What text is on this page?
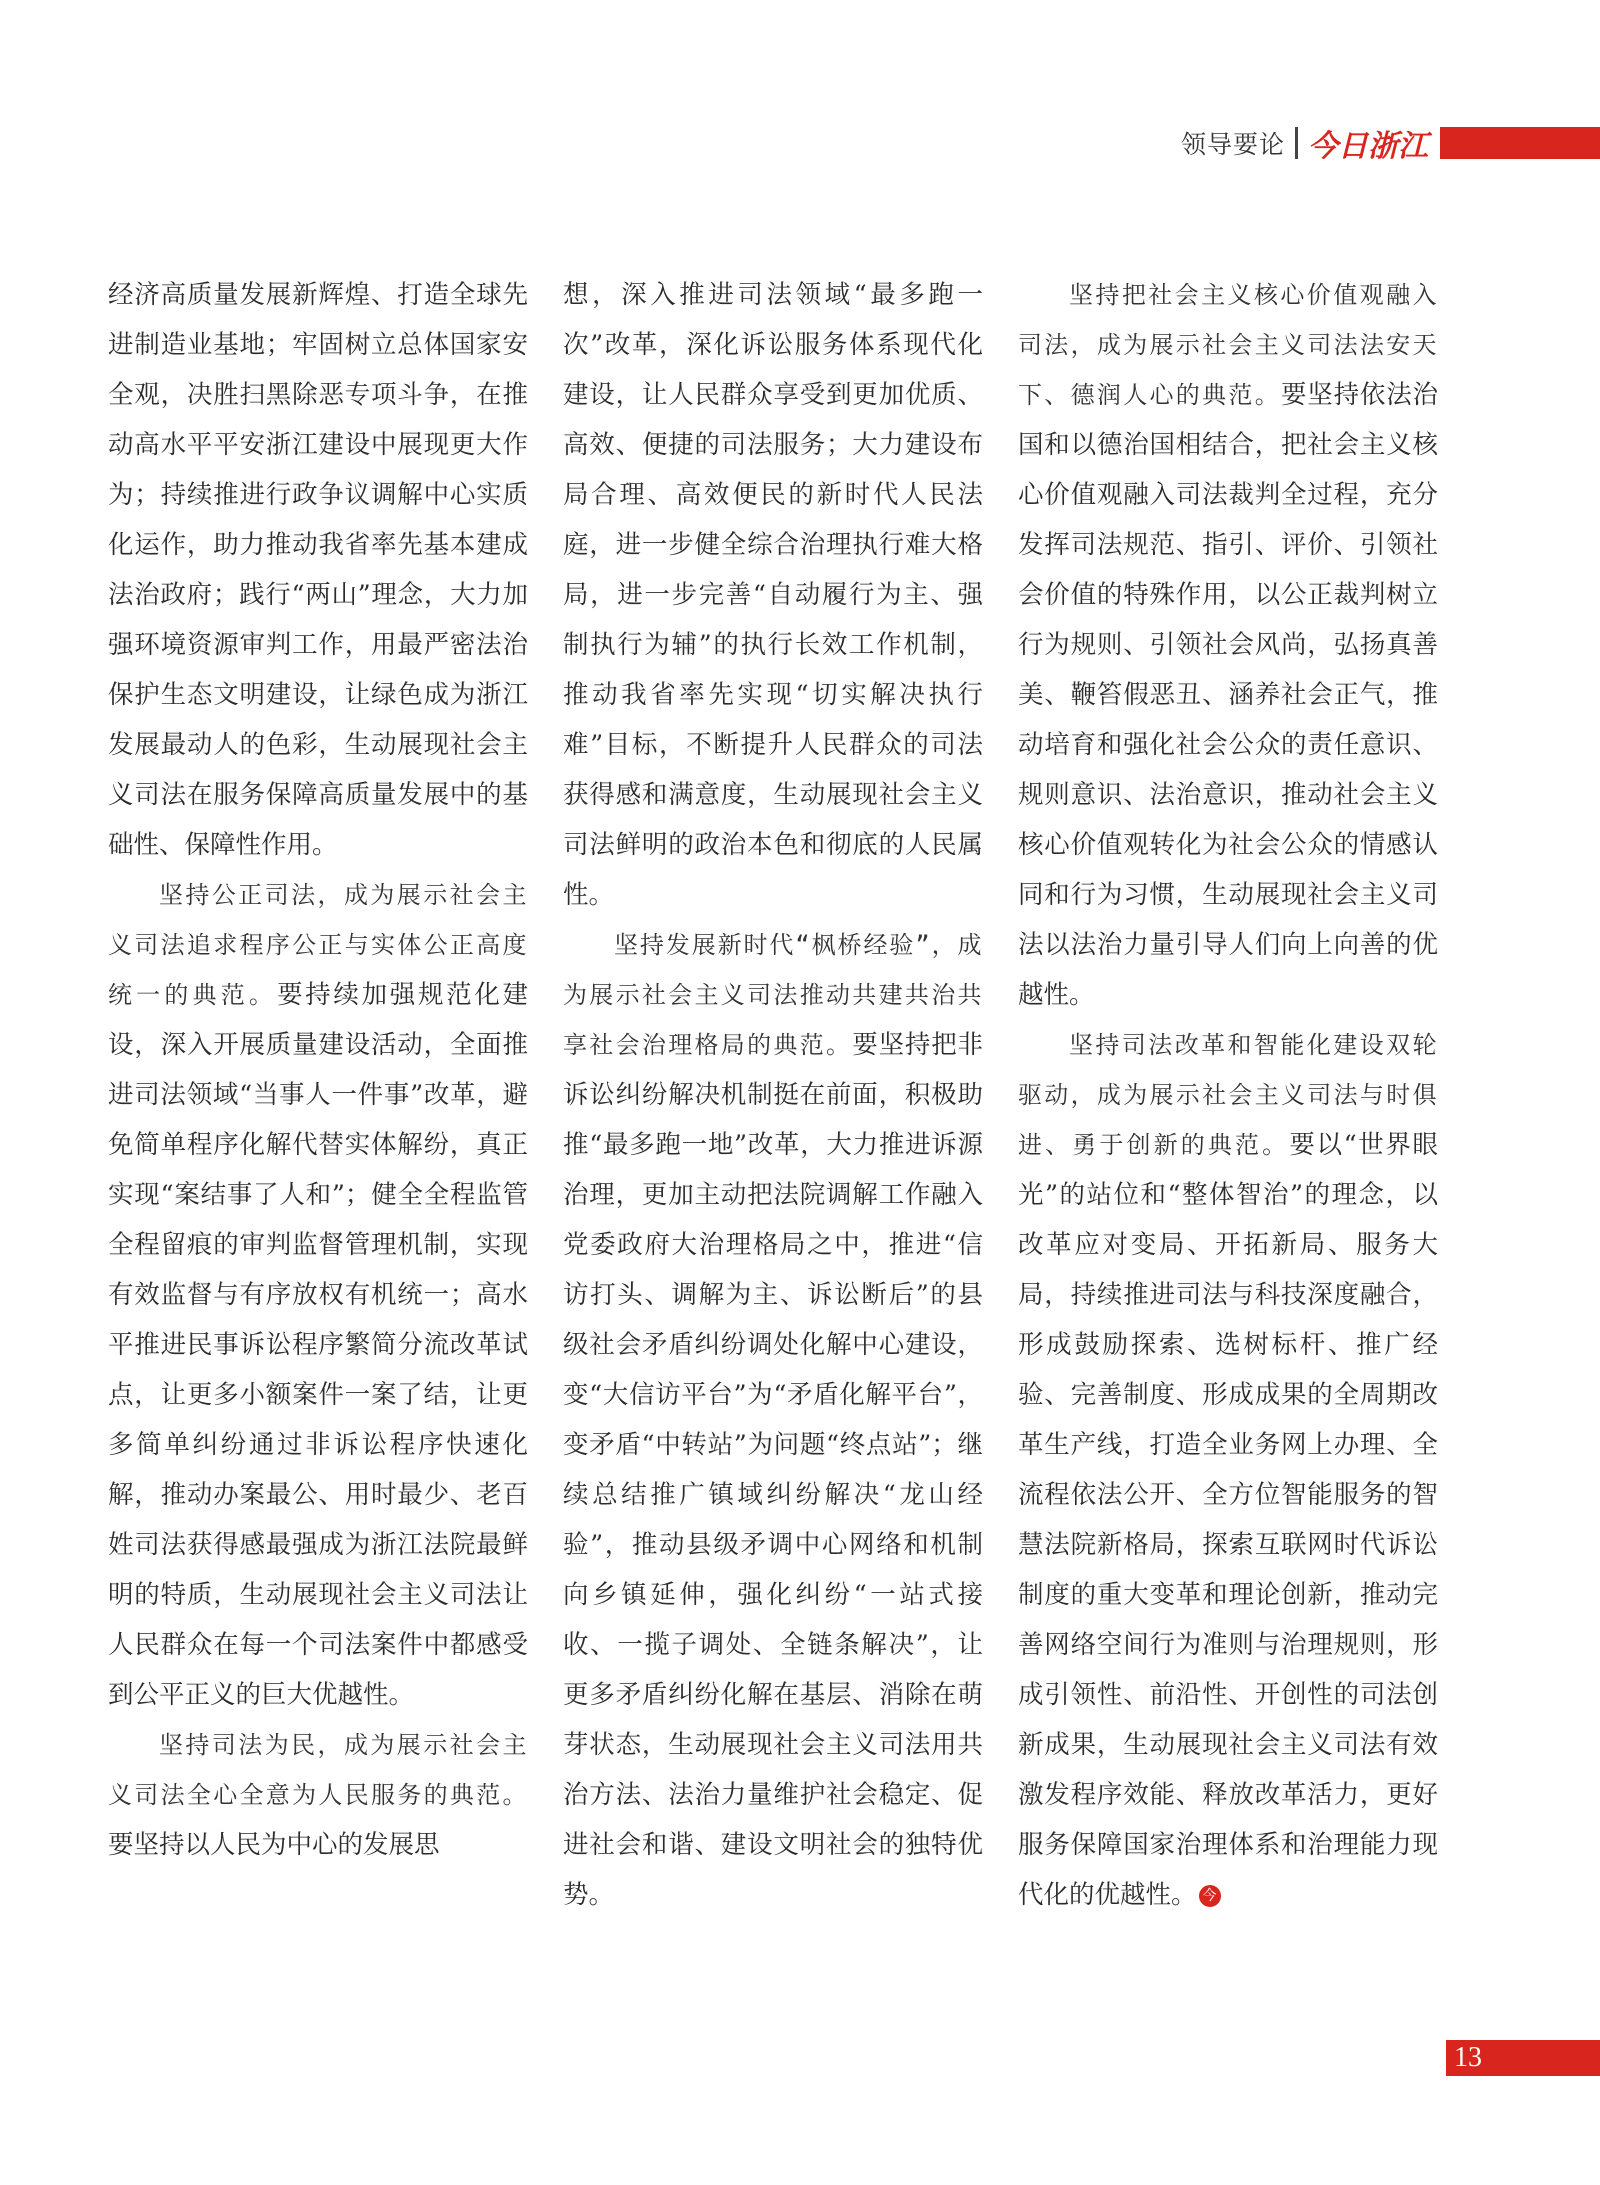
领导要论 今日浙江

经济高质量发展新辉煌、打造全球先进制造业基地；牢固树立总体国家安全观，决胜扫黑除恶专项斗争，在推动高水平平安浙江建设中展现更大作为；持续推进行政争议调解中心实质化运作，助力推动我省率先基本建成法治政府；践行“两山”理念，大力加强环境资源审判工作，用最严密法治保护生态文明建设，让绿色成为浙江发展最动人的色彩，生动展现社会主义司法在服务保障高质量发展中的基础性、保障性作用。

坚持公正司法，成为展示社会主义司法追求程序公正与实体公正高度统一的典范。要持续加强规范化建设，深入开展质量建设活动，全面推进司法领域“当事人一件事”改革，避免简单程序化解代替实体解纷，真正实现“案结事了人和”；健全全程监管全程留痕的审判监督管理机制，实现有效监督与有序放权有机统一；高水平推进民事诉讼程序繁简分流改革试点，让更多小额案件一案了结，让更多简单纠纷通过非诉讼程序快速化解，推动办案最公、用时最少、老百姓司法获得感最强成为浙江法院最鲜明的特质，生动展现社会主义司法让人民群众在每一个司法案件中都感受到公平正义的巨大优越性。

坚持司法为民，成为展示社会主义司法全心全意为人民服务的典范。要坚持以人民为中心的发展思

想，深入推进司法领域“最多跑一次”改革，深化诉讼服务体系现代化建设，让人民群众享受到更加优质、高效、便捷的司法服务；大力建设布局合理、高效便民的新时代人民法庭，进一步健全综合治理执行难大格局，进一步完善“自动履行为主、强制执行为辅”的执行长效工作机制，推动我省率先实现“切实解决执行难”目标，不断提升人民群众的司法获得感和满意度，生动展现社会主义司法鲜明的政治本色和彻底的人民属性。

坚持发展新时代“枫桥经验”，成为展示社会主义司法推动共建共治共享社会治理格局的典范。要坚持把非诉讼纠纷解决机制挺在前面，积极助推“最多跑一地”改革，大力推进诉源治理，更加主动把法院调解工作融入党委政府大治理格局之中，推进“信访打头、调解为主、诉讼断后”的县级社会矛盾纠纷调处化解中心建设，变“大信访平台”为“矛盾化解平台”，变矛盾“中转站”为问题“终点站”；继续总结推广镇域纠纷解决“龙山经验”，推动县级矛调中心网络和机制向乡镇延伸，强化纠纷“一站式接收、一揽子调处、全链条解决”，让更多矛盾纠纷化解在基层、消除在萌芽状态，生动展现社会主义司法用共治方法、法治力量维护社会稳定、促进社会和谐、建设文明社会的独特优势。

坚持把社会主义核心价值观融入司法，成为展示社会主义司法法安天下、德润人心的典范。要坚持依法治国和以德治国相结合，把社会主义核心价值观融入司法裁判全过程，充分发挥司法规范、指引、评价、引领社会价值的特殊作用，以公正裁判树立行为规则、引领社会风尚，弘扬真善美、鞭笞假恶丑、涵养社会正气，推动培育和强化社会公众的责任意识、规则意识、法治意识，推动社会主义核心价值观转化为社会公众的情感认同和行为习惯，生动展现社会主义司法以法治力量引导人们向上向善的优越性。

坚持司法改革和智能化建设双轮驱动，成为展示社会主义司法与时俱进、勇于创新的典范。要以“世界眼光”的站位和“整体智治”的理念，以改革应对变局、开拓新局、服务大局，持续推进司法与科技深度融合，形成鼓励探索、选树标杆、推广经验、完善制度、形成成果的全周期改革生产线，打造全业务网上办理、全流程依法公开、全方位智能服务的智慧法院新格局，探索互联网时代诉讼制度的重大变革和理论创新，推动完善网络空间行为准则与治理规则，形成引领性、前沿性、开创性的司法创新成果，生动展现社会主义司法有效激发程序效能、释放改革活力，更好服务保障国家治理体系和治理能力现代化的优越性。 今

13
